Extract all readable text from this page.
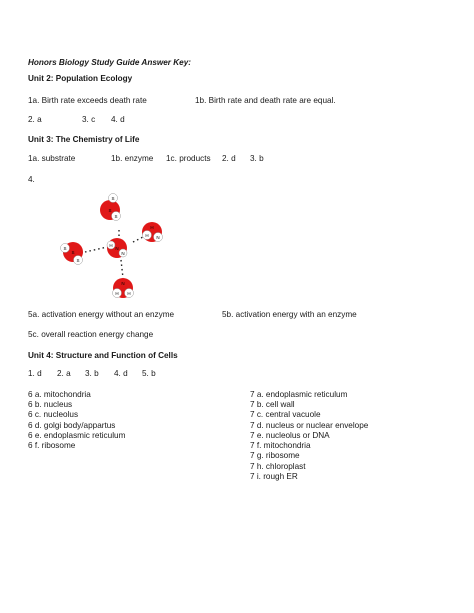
Honors Biology Study Guide Answer Key:
Unit 2: Population Ecology
1a. Birth rate exceeds death rate	1b. Birth rate and death rate are equal.
2. a	3. c 4. d
Unit 3: The Chemistry of Life
1a. substrate	1b. enzyme 1c. products 2. d 3. b
4.
S
S
S
H
H
N
S
S
S
H
N
N
H H
N
5a. activation energy without an enzyme	5b. activation energy with an enzyme
5c. overall reaction energy change
Unit 4: Structure and Function of Cells
1. d 2. a 3. b 4. d 5. b
6 a. mitochondria
6 b. nucleus
6 c. nucleolus
6 d. golgi body/appartus
6 e. endoplasmic reticulum
6 f. ribosome
7 a. endoplasmic reticulum
7 b. cell wall
7 c. central vacuole
7 d. nucleus or nuclear envelope
7 e. nucleolus or DNA
7 f. mitochondria
7 g. ribosome
7 h. chloroplast
7 i. rough ER
